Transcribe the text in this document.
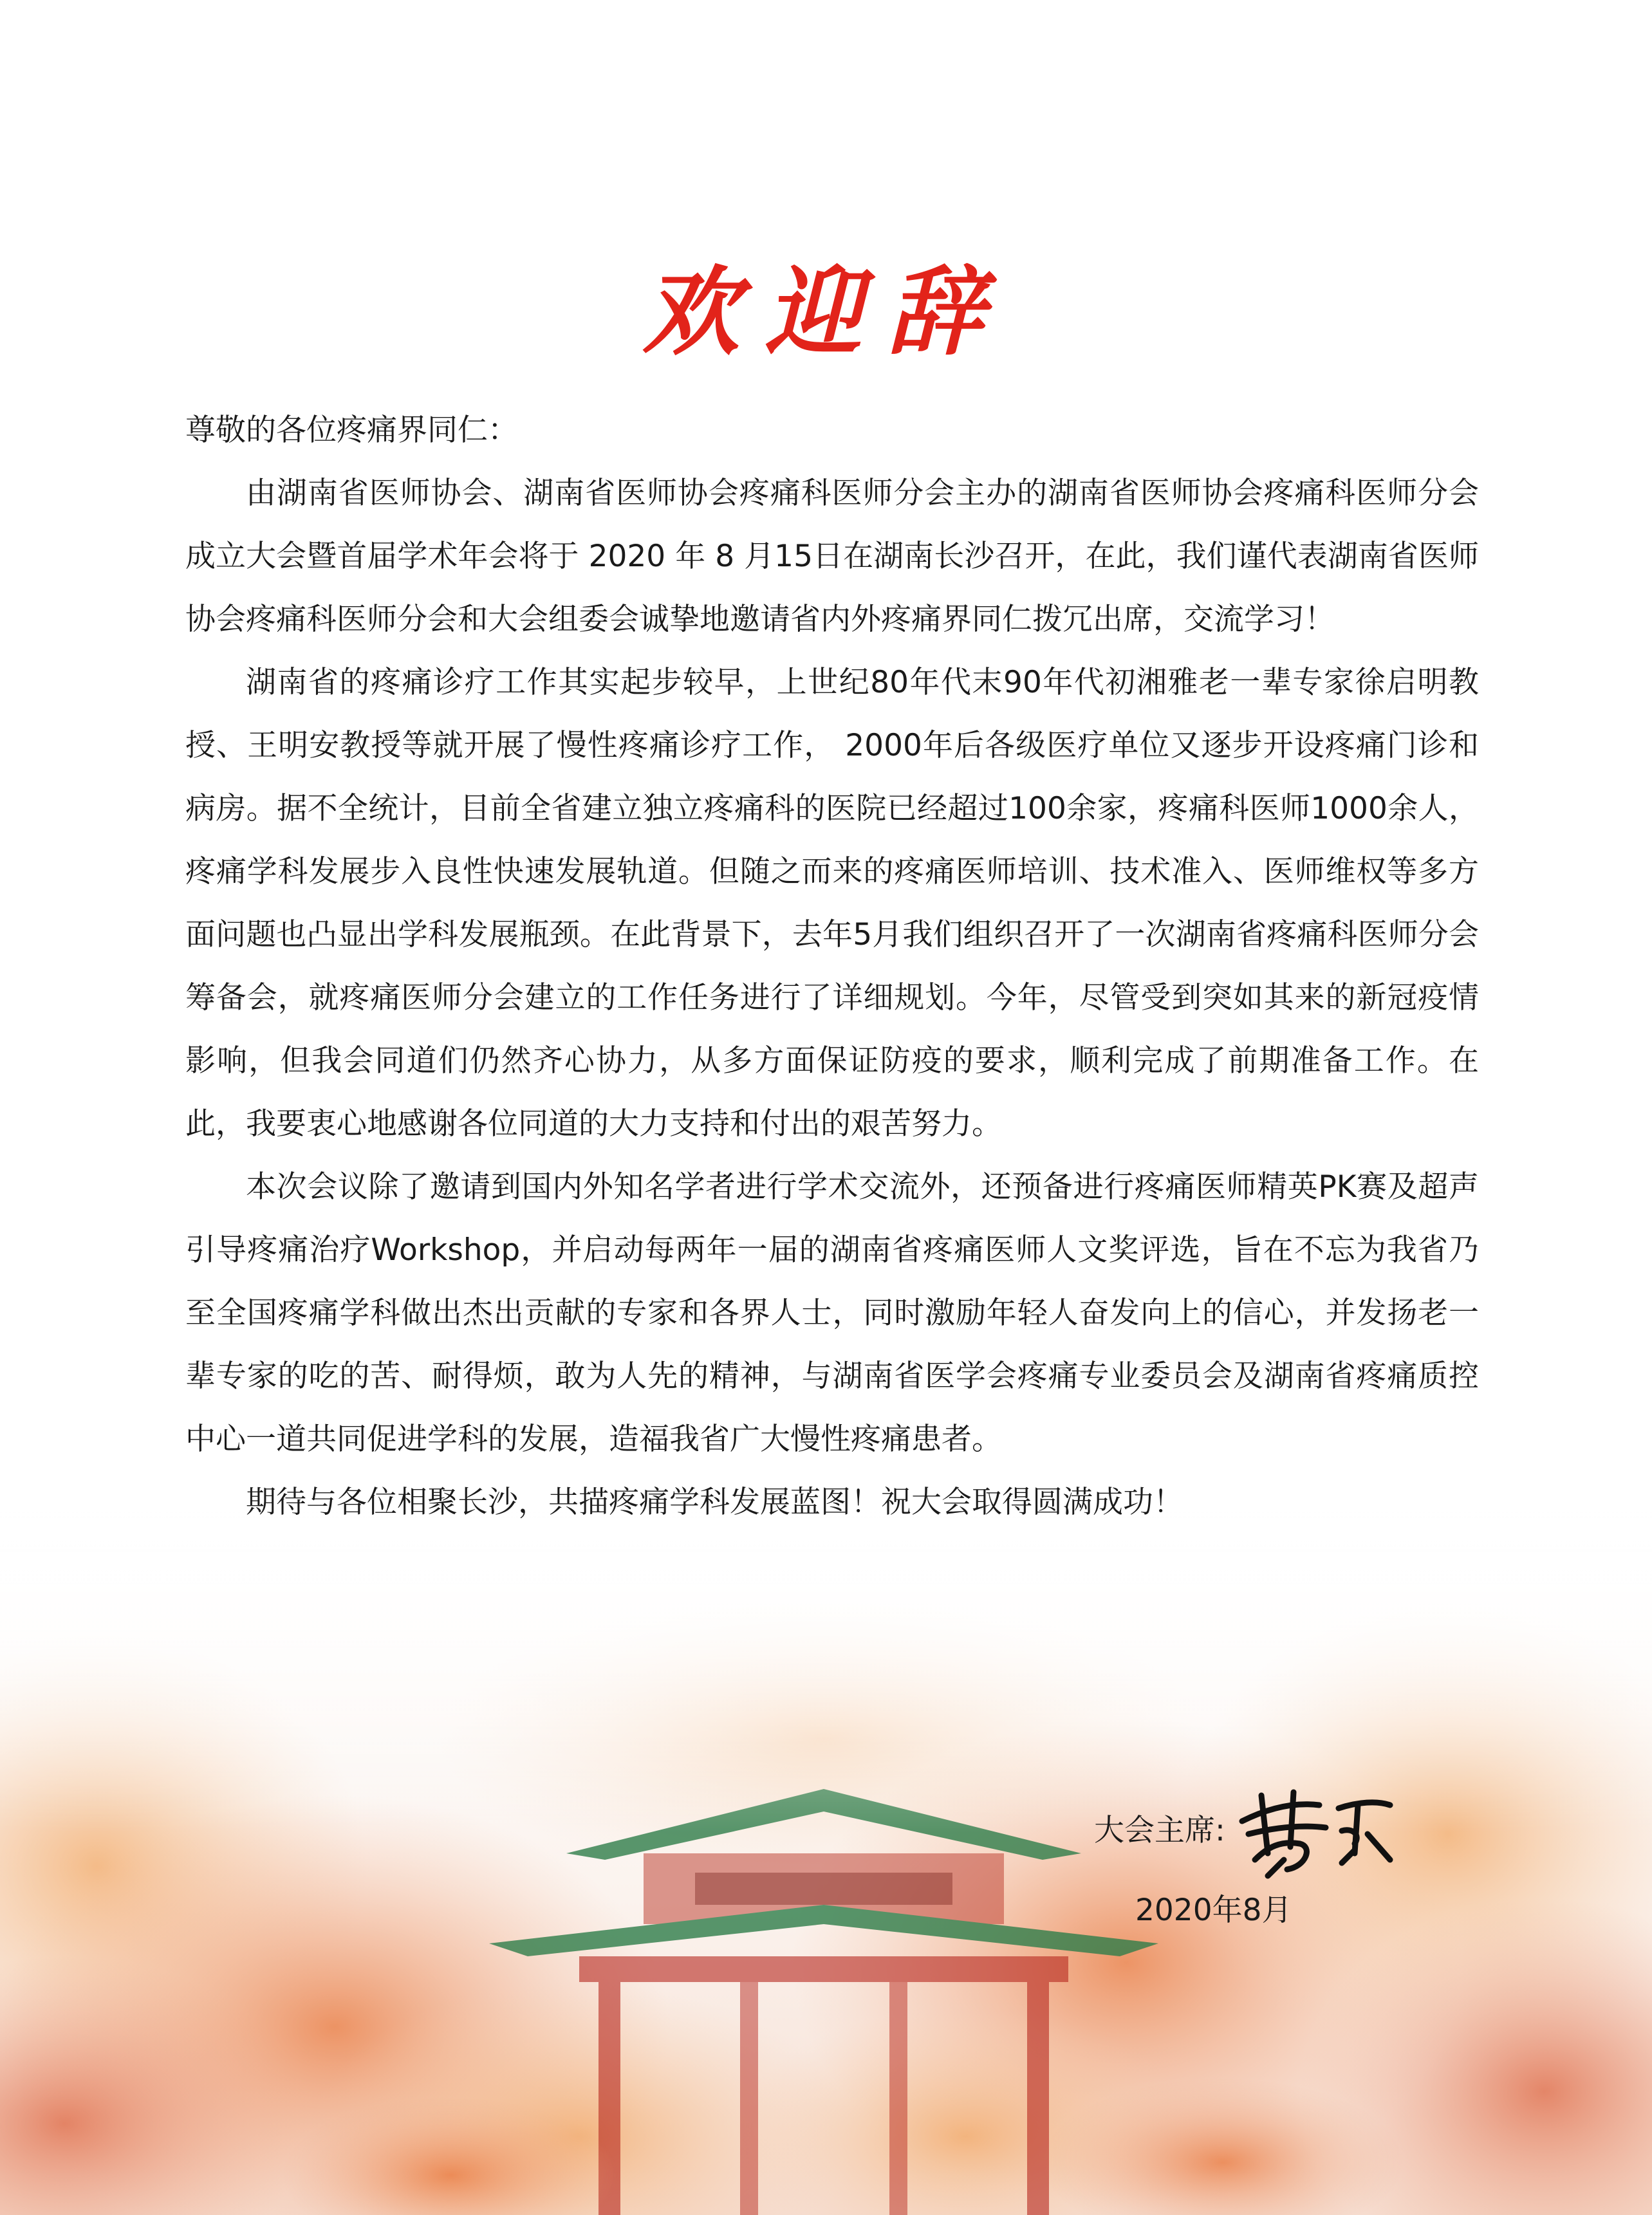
欢迎辞

尊敬的各位疼痛界同仁：

由湖南省医师协会、湖南省医师协会疼痛科医师分会主办的湖南省医师协会疼痛科医师分会成立大会暨首届学术年会将于 2020 年 8 月15日在湖南长沙召开，在此，我们谨代表湖南省医师协会疼痛科医师分会和大会组委会诚挚地邀请省内外疼痛界同仁拨冗出席，交流学习！

湖南省的疼痛诊疗工作其实起步较早，上世纪80年代末90年代初湘雅老一辈专家徐启明教授、王明安教授等就开展了慢性疼痛诊疗工作， 2000年后各级医疗单位又逐步开设疼痛门诊和病房。据不全统计，目前全省建立独立疼痛科的医院已经超过100余家，疼痛科医师1000余人，疼痛学科发展步入良性快速发展轨道。但随之而来的疼痛医师培训、技术准入、医师维权等多方面问题也凸显出学科发展瓶颈。在此背景下，去年5月我们组织召开了一次湖南省疼痛科医师分会筹备会，就疼痛医师分会建立的工作任务进行了详细规划。今年，尽管受到突如其来的新冠疫情影响，但我会同道们仍然齐心协力，从多方面保证防疫的要求，顺利完成了前期准备工作。在此，我要衷心地感谢各位同道的大力支持和付出的艰苦努力。

本次会议除了邀请到国内外知名学者进行学术交流外，还预备进行疼痛医师精英PK赛及超声引导疼痛治疗Workshop，并启动每两年一届的湖南省疼痛医师人文奖评选，旨在不忘为我省乃至全国疼痛学科做出杰出贡献的专家和各界人士，同时激励年轻人奋发向上的信心，并发扬老一辈专家的吃的苦、耐得烦，敢为人先的精神，与湖南省医学会疼痛专业委员会及湖南省疼痛质控中心一道共同促进学科的发展，造福我省广大慢性疼痛患者。

期待与各位相聚长沙，共描疼痛学科发展蓝图！祝大会取得圆满成功！

大会主席:
2020年8月
